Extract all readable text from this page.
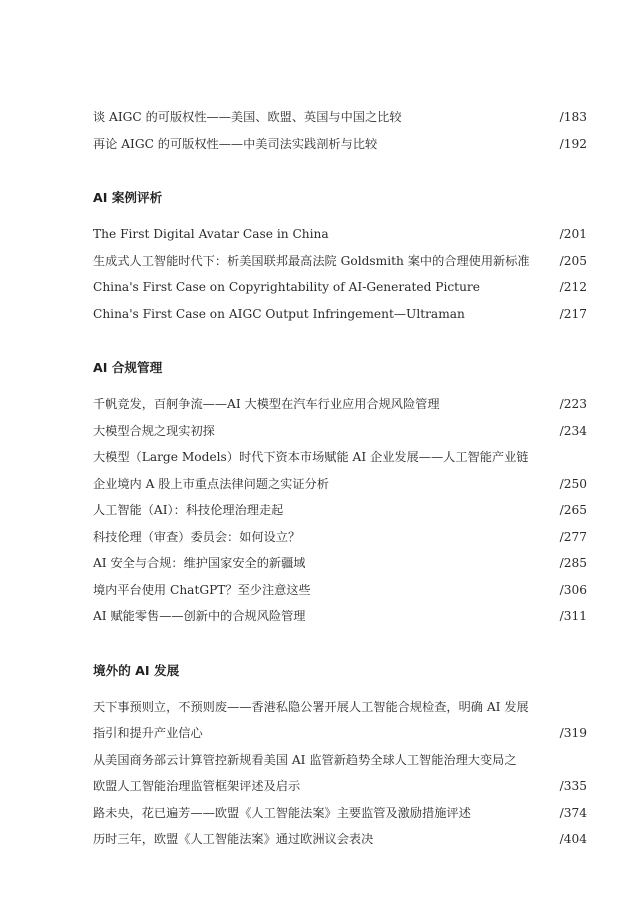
谈 AIGC 的可版权性——美国、欧盟、英国与中国之比较	/183
再论 AIGC 的可版权性——中美司法实践剖析与比较	/192
AI 案例评析
The First Digital Avatar Case in China	/201
生成式人工智能时代下：析美国联邦最高法院 Goldsmith 案中的合理使用新标准	/205
China's First Case on Copyrightability of AI-Generated Picture	/212
China's First Case on AIGC Output Infringement—Ultraman	/217
AI 合规管理
千帆竞发，百舸争流——AI 大模型在汽车行业应用合规风险管理	/223
大模型合规之现实初探	/234
大模型（Large Models）时代下资本市场赋能 AI 企业发展——人工智能产业链
企业境内 A 股上市重点法律问题之实证分析	/250
人工智能（AI）：科技伦理治理走起	/265
科技伦理（审查）委员会：如何设立？	/277
AI 安全与合规：维护国家安全的新疆域	/285
境内平台使用 ChatGPT？至少注意这些	/306
AI 赋能零售——创新中的合规风险管理	/311
境外的 AI 发展
天下事预则立，不预则废——香港私隐公署开展人工智能合规检查，明确 AI 发展
指引和提升产业信心	/319
从美国商务部云计算管控新规看美国 AI 监管新趋势全球人工智能治理大变局之
欧盟人工智能治理监管框架评述及启示	/335
路未央，花已遍芳——欧盟《人工智能法案》主要监管及激励措施评述	/374
历时三年，欧盟《人工智能法案》通过欧洲议会表决	/404
